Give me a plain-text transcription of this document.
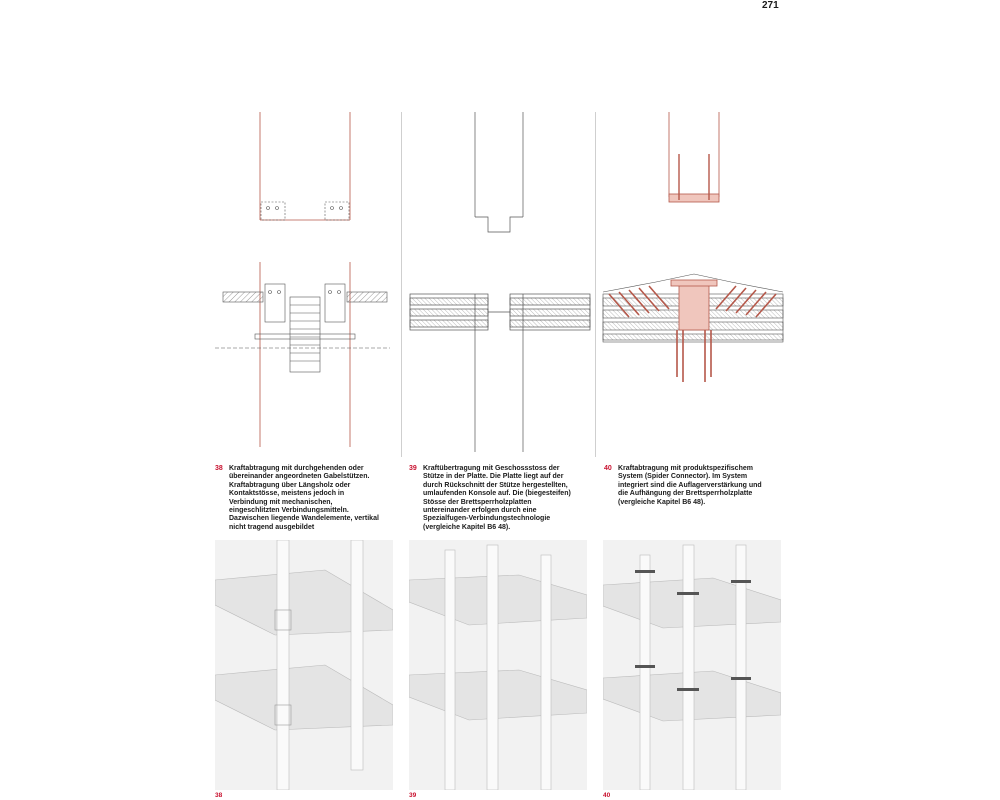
271
38 Kraftabtragung mit durchgehenden oder übereinander angeordneten Gabelstützen. Kraftabtragung über Längsholz oder Kontaktstösse, meistens jedoch in Verbindung mit mechanischen, eingeschlitzten Verbindungsmitteln. Dazwischen liegende Wandelemente, vertikal nicht tragend ausgebildet
39 Kraftübertragung mit Geschossstoss der Stütze in der Platte. Die Platte liegt auf der durch Rückschnitt der Stütze hergestellten, umlaufenden Konsole auf. Die (biegesteifen) Stösse der Brettsperrholzplatten untereinander erfolgen durch eine Spezialfugen-Verbindungstechnologie (vergleiche Kapitel B6 48).
40 Kraftabtragung mit produktspezifischem System (Spider Connector). Im System integriert sind die Auflagerverstärkung und die Aufhängung der Brettsperrholzplatte (vergleiche Kapitel B6 48).
38	39	40
